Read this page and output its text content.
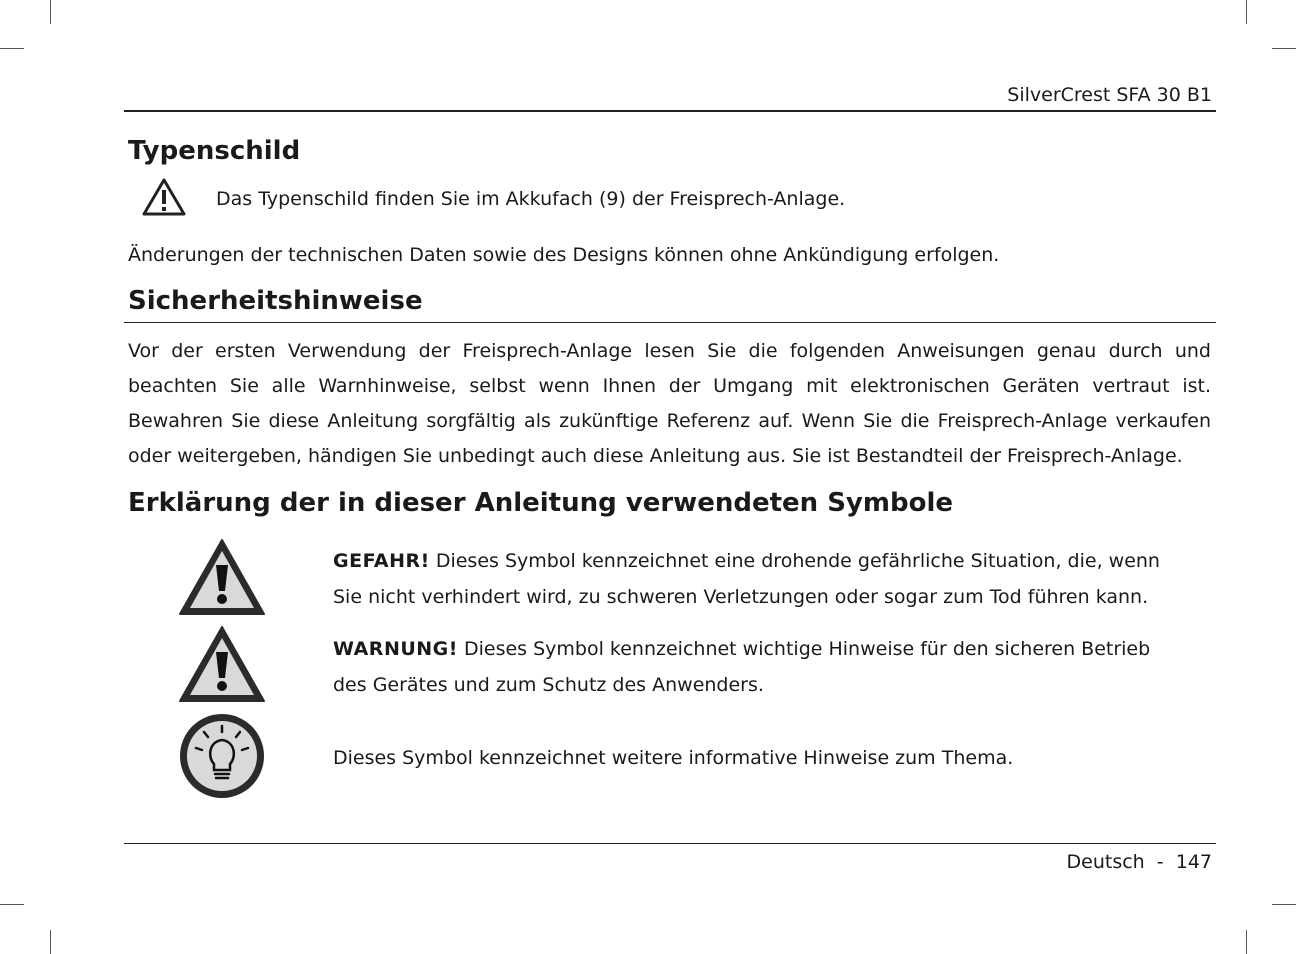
SilverCrest SFA 30 B1
Typenschild
Das Typenschild finden Sie im Akkufach (9) der Freisprech-Anlage.
Änderungen der technischen Daten sowie des Designs können ohne Ankündigung erfolgen.
Sicherheitshinweise

Vor der ersten Verwendung der Freisprech-Anlage lesen Sie die folgenden Anweisungen genau durch und beachten Sie alle Warnhinweise, selbst wenn Ihnen der Umgang mit elektronischen Geräten vertraut ist. Bewahren Sie diese Anleitung sorgfältig als zukünftige Referenz auf. Wenn Sie die Freisprech-Anlage verkaufen oder weitergeben, händigen Sie unbedingt auch diese Anleitung aus. Sie ist Bestandteil der Freisprech-Anlage.

Erklärung der in dieser Anleitung verwendeten Symbole

GEFAHR! Dieses Symbol kennzeichnet eine drohende gefährliche Situation, die, wenn Sie nicht verhindert wird, zu schweren Verletzungen oder sogar zum Tod führen kann.

WARNUNG! Dieses Symbol kennzeichnet wichtige Hinweise für den sicheren Betrieb des Gerätes und zum Schutz des Anwenders.

Dieses Symbol kennzeichnet weitere informative Hinweise zum Thema.

Deutsch  -  147
